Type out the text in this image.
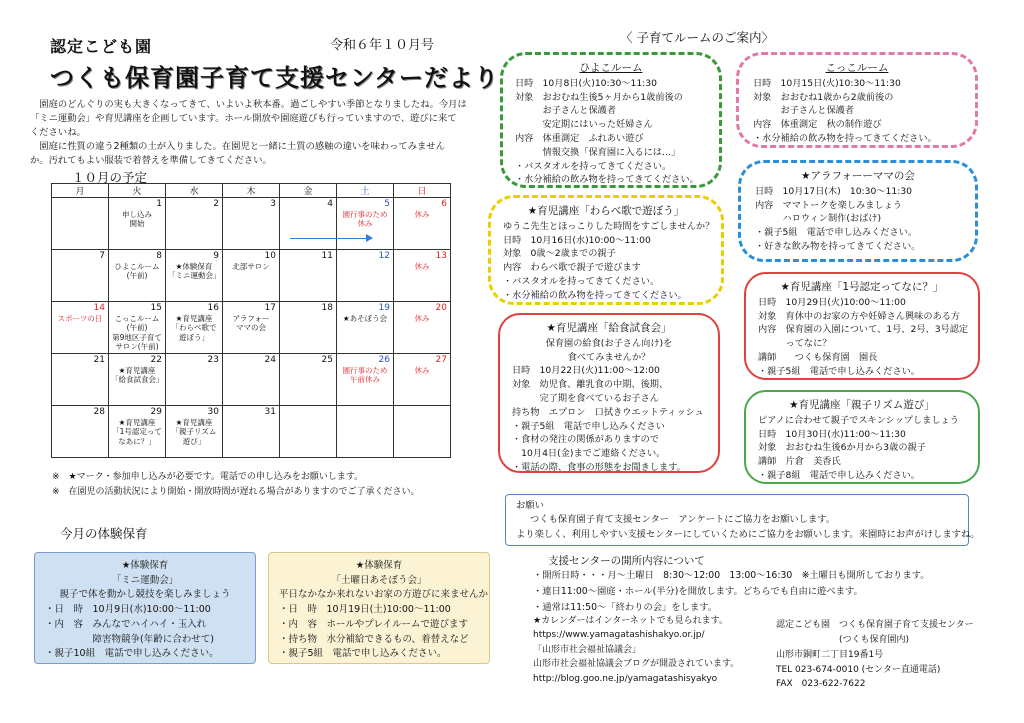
認定こども園	令和６年１０月号
つくも保育園子育て支援センターだより

園庭のどんぐりの実も大きくなってきて、いよいよ秋本番。過ごしやすい季節となりましたね。今月は

「ミニ運動会」や育児講座を企画しています。ホール開放や園庭遊びも行っていますので、遊びに来て

くださいね。

園庭に性質の違う2種類の土が入りました。在園児と一緒に土質の感触の違いを味わってみません

か。汚れてもよい服装で着替えを準備してきてください。

１０月の予定
月	火	水	木	金	土	日

	1
申し込み
開始	2	3	4	5
園行事のため
休み	6
休み

7	8
ひよこルーム
(午前)	9
★体験保育
「ミニ運動会」	10
北部サロン	11	12	13
休み

14
スポーツの日	15
こっこルーム
(午前)
第9地区子育て
サロン(午前)	16
★育児講座
「わらべ歌で
遊ぼう」	17
アラフォー
ママの会	18	19
★あそぼう会	20
休み

21	22
★育児講座
「給食試食会」	23	24	25	26
園行事のため
午前休み	27
休み

28	29
★育児講座
「1号認定って
なあに？」	30
★育児講座
「親子リズム
遊び」	31			

※　★マーク・参加申し込みが必要です。電話での申し込みをお願いします。
※　在園児の活動状況により開始・開放時間が遅れる場合がありますのでご了承ください。
今月の体験保育
★体験保育
「ミニ運動会」
親子で体を動かし競技を楽しみましょう
・日　時　10月9日(水)10:00～11:00
・内　容　みんなでハイハイ・玉入れ
　　　　　障害物競争(年齢に合わせて)
・親子10組　電話で申し込みください。
★体験保育
「土曜日あそぼう会」
平日なかなか来れないお家の方遊びに来ませんか
・日　時　10月19日(土)10:00～11:00
・内　容　ホールやプレイルームで遊びます
・持ち物　水分補給できるもの、着替えなど
・親子5組　電話で申し込みください。
〈 子育てルームのご案内〉
ひよこルーム
日時　10月8日(火)10:30～11:30
対象　おおむね生後5ヶ月から1歳前後の
　　　お子さんと保護者
　　　安定期にはいった妊婦さん
内容　体重測定　ふれあい遊び
　　　情報交換「保育園に入るには…」
・バスタオルを持ってきてください。
・水分補給の飲み物を持ってきてください。
こっこルーム
日時　10月15日(火)10:30～11:30
対象　おおむね1歳から2歳前後の
　　　お子さんと保護者
内容　体重測定　秋の制作遊び
・水分補給の飲み物を持ってきてください。
★育児講座「わらべ歌で遊ぼう」
ゆうこ先生とほっこりした時間をすごしませんか？
日時　10月16日(水)10:00～11:00
対象　0歳～2歳までの親子
内容　わらべ歌で親子で遊びます
・バスタオルを持ってきてください。
・水分補給の飲み物を持ってきてください。
★アラフォーーママの会
日時　10月17日(木)　10:30～11:30
内容　ママトークを楽しみましょう
　　　ハロウィン制作(おばけ)
・親子5組　電話で申し込みください。
・好きな飲み物を持ってきてください。
★育児講座「1号認定ってなに？」
日時　10月29日(火)10:00～11:00
対象　育休中のお家の方や妊婦さん興味のある方
内容　保育園の入園について、1号、2号、3号認定
　　　ってなに？
講師　　つくも保育園　園長
・親子5組　電話で申し込みください。
★育児講座「給食試食会」
保育園の給食(お子さん向け)を
食べてみませんか？
日時　10月22日(火)11:00～12:00
対象　幼児食、離乳食の中期、後期、
　　　完了期を食べているお子さん
持ち物　エプロン　口拭きウエットティッシュ
・親子5組　電話で申し込みください
・食材の発注の関係がありますので
　10月4日(金)までご連絡ください。
・電話の際、食事の形態をお聞きします。
★育児講座「親子リズム遊び」
ピアノに合わせて親子でスキンシップしましょう
日時　10月30日(水)11:00～11:30
対象　おおむね生後6か月から3歳の親子
講師　片倉　美香氏
・親子8組　電話で申し込みください。
お願い
つくも保育園子育て支援センター　アンケートにご協力をお願いします。
より楽しく、利用しやすい支援センターにしていくためにご協力をお願いします。来園時にお声がけしますね。
支援センターの開所内容について
・開所日時・・・月～土曜日　8:30～12:00　13:00～16:30　※土曜日も開所しております。
・連日11:00～園庭・ホール(半分)を開放します。どちらでも自由に遊べます。
・通常は11:50～「終わりの会」をします。
★カレンダーはインターネットでも見られます。
https://www.yamagatashishakyo.or.jp/
「山形市社会福祉協議会」
山形市社会福祉協議会ブログが開設されています。
http://blog.goo.ne.jp/yamagatashisyakyo
認定こども園　つくも保育園子育て支援センター
　　　　　　　(つくも保育園内)
山形市銅町二丁目19番1号
TEL 023-674-0010 (センター直通電話)
FAX　023-622-7622
